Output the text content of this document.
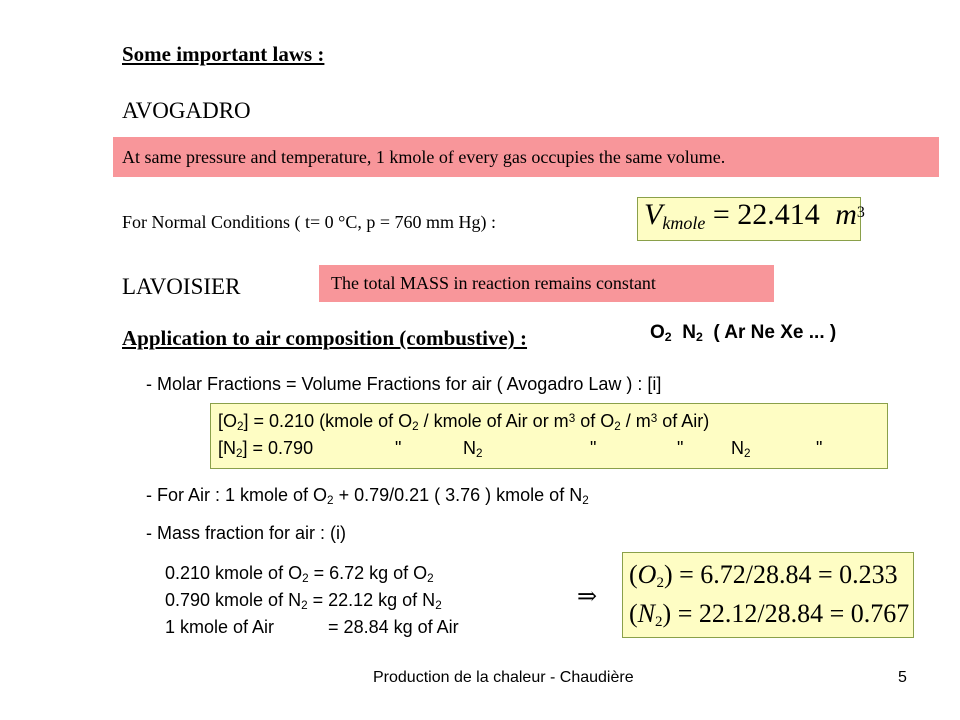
Some important laws :
AVOGADRO
At same pressure and temperature, 1 kmole of every gas occupies the same volume.
For Normal Conditions ( t= 0 °C, p = 760 mm Hg) :	$V_{kmole} = 22.414$ $m^3$
LAVOISIER	The total MASS in reaction remains constant
Application to air composition (combustive) :	$O_2$ $N_2$ ( Ar Ne Xe ... )
- Molar Fractions = Volume Fractions for air ( Avogadro Law ) : [i]
$[O_2] = 0.210$ (kmole of $O_2$ / kmole of Air or $m^3$ of $O_2 / m^3$ of Air)
$[N_2] = 0.790$	"	$N_2$	"	"	$N_2$	"
- For Air : 1 kmole of $O_2 + 0.79/0.21$ ( 3.76 ) kmole of $N_2$
- Mass fraction for air : (i)
0.210 kmole of $O_2 = 6.72$ kg of $O_2$
0.790 kmole of $N_2 = 22.12$ kg of $N_2$
1 kmole of Air	= 28.84 kg of Air
⇒
$(O_2) = 6.72/28.84 = 0.233$
$(N_2) = 22.12/28.84 = 0.767$
Production de la chaleur - Chaudière	5
